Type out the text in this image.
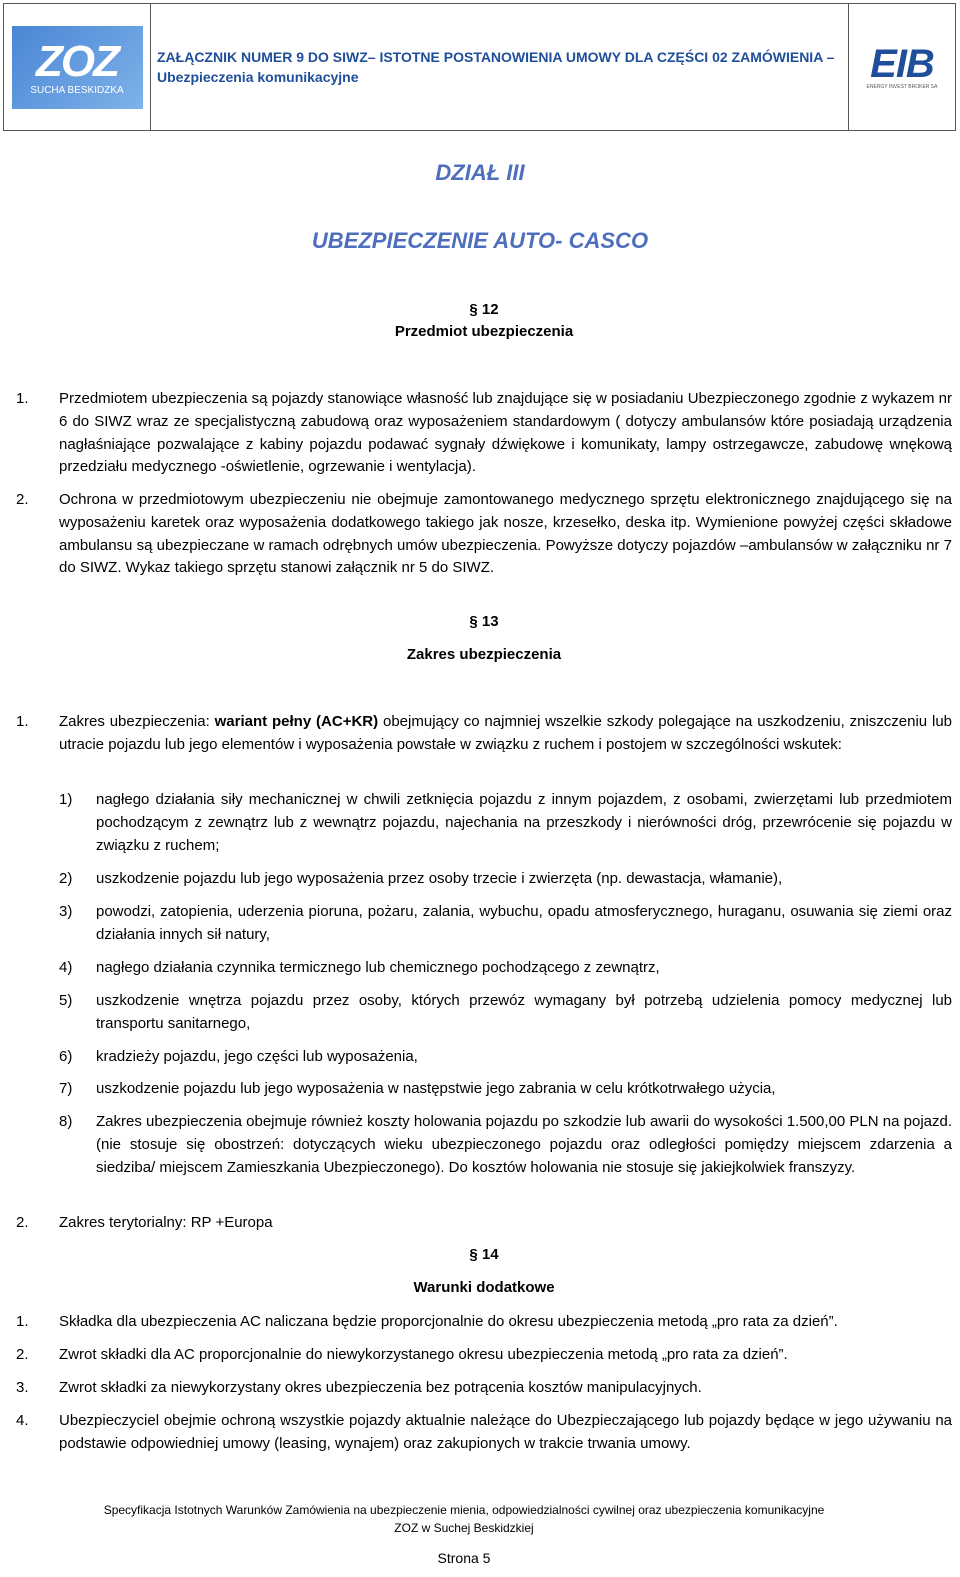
ZOZ
SUCHA BESKIDZKA
ZAŁĄCZNIK NUMER 9 DO SIWZ– ISTOTNE POSTANOWIENIA UMOWY DLA CZĘŚCI 02 ZAMÓWIENIA –
Ubezpieczenia komunikacyjne	EIB
ENERGY INVEST BROKER SA
DZIAŁ III
UBEZPIECZENIE AUTO- CASCO
§ 12
Przedmiot ubezpieczenia
1. Przedmiotem ubezpieczenia są pojazdy stanowiące własność lub znajdujące się w posiadaniu Ubezpieczonego zgodnie z wykazem nr 6 do SIWZ wraz ze specjalistyczną zabudową oraz wyposażeniem standardowym ( dotyczy ambulansów które posiadają urządzenia nagłaśniające pozwalające z kabiny pojazdu podawać sygnały dźwiękowe i komunikaty, lampy ostrzegawcze, zabudowę wnękową przedziału medycznego -oświetlenie, ogrzewanie i wentylacja).
2. Ochrona w przedmiotowym ubezpieczeniu nie obejmuje zamontowanego medycznego sprzętu elektronicznego znajdującego się na wyposażeniu karetek oraz wyposażenia dodatkowego takiego jak nosze, krzesełko, deska itp. Wymienione powyżej części składowe ambulansu są ubezpieczane w ramach odrębnych umów ubezpieczenia. Powyższe dotyczy pojazdów –ambulansów w załączniku nr 7 do SIWZ. Wykaz takiego sprzętu stanowi załącznik nr 5 do SIWZ.
§ 13
Zakres ubezpieczenia
1. Zakres ubezpieczenia: wariant pełny (AC+KR) obejmujący co najmniej wszelkie szkody polegające na uszkodzeniu, zniszczeniu lub utracie pojazdu lub jego elementów i wyposażenia powstałe w związku z ruchem i postojem w szczególności wskutek:
1) nagłego działania siły mechanicznej w chwili zetknięcia pojazdu z innym pojazdem, z osobami, zwierzętami lub przedmiotem pochodzącym z zewnątrz lub z wewnątrz pojazdu, najechania na przeszkody i nierówności dróg, przewrócenie się pojazdu w związku z ruchem;
2) uszkodzenie pojazdu lub jego wyposażenia przez osoby trzecie i zwierzęta (np. dewastacja, włamanie),
3) powodzi, zatopienia, uderzenia pioruna, pożaru, zalania, wybuchu, opadu atmosferycznego, huraganu, osuwania się ziemi oraz działania innych sił natury,
4) nagłego działania czynnika termicznego lub chemicznego pochodzącego z zewnątrz,
5) uszkodzenie wnętrza pojazdu przez osoby, których przewóz wymagany był potrzebą udzielenia pomocy medycznej lub transportu sanitarnego,
6) kradzieży pojazdu, jego części lub wyposażenia,
7) uszkodzenie pojazdu lub jego wyposażenia w następstwie jego zabrania w celu krótkotrwałego użycia,
8) Zakres ubezpieczenia obejmuje również koszty holowania pojazdu po szkodzie lub awarii do wysokości 1.500,00 PLN na pojazd. (nie stosuje się obostrzeń: dotyczących wieku ubezpieczonego pojazdu oraz odległości pomiędzy miejscem zdarzenia a siedziba/ miejscem Zamieszkania Ubezpieczonego). Do kosztów holowania nie stosuje się jakiejkolwiek franszyzy.
2. Zakres terytorialny: RP +Europa
§ 14
Warunki dodatkowe
1. Składka dla ubezpieczenia AC naliczana będzie proporcjonalnie do okresu ubezpieczenia metodą „pro rata za dzień”.
2. Zwrot składki dla AC proporcjonalnie do niewykorzystanego okresu ubezpieczenia metodą „pro rata za dzień”.
3. Zwrot składki za niewykorzystany okres ubezpieczenia bez potrącenia kosztów manipulacyjnych.
4. Ubezpieczyciel obejmie ochroną wszystkie pojazdy aktualnie należące do Ubezpieczającego lub pojazdy będące w jego używaniu na podstawie odpowiedniej umowy (leasing, wynajem) oraz zakupionych w trakcie trwania umowy.
Specyfikacja Istotnych Warunków Zamówienia na ubezpieczenie mienia, odpowiedzialności cywilnej oraz ubezpieczenia komunikacyjne
ZOZ w Suchej Beskidzkiej
Strona 5
